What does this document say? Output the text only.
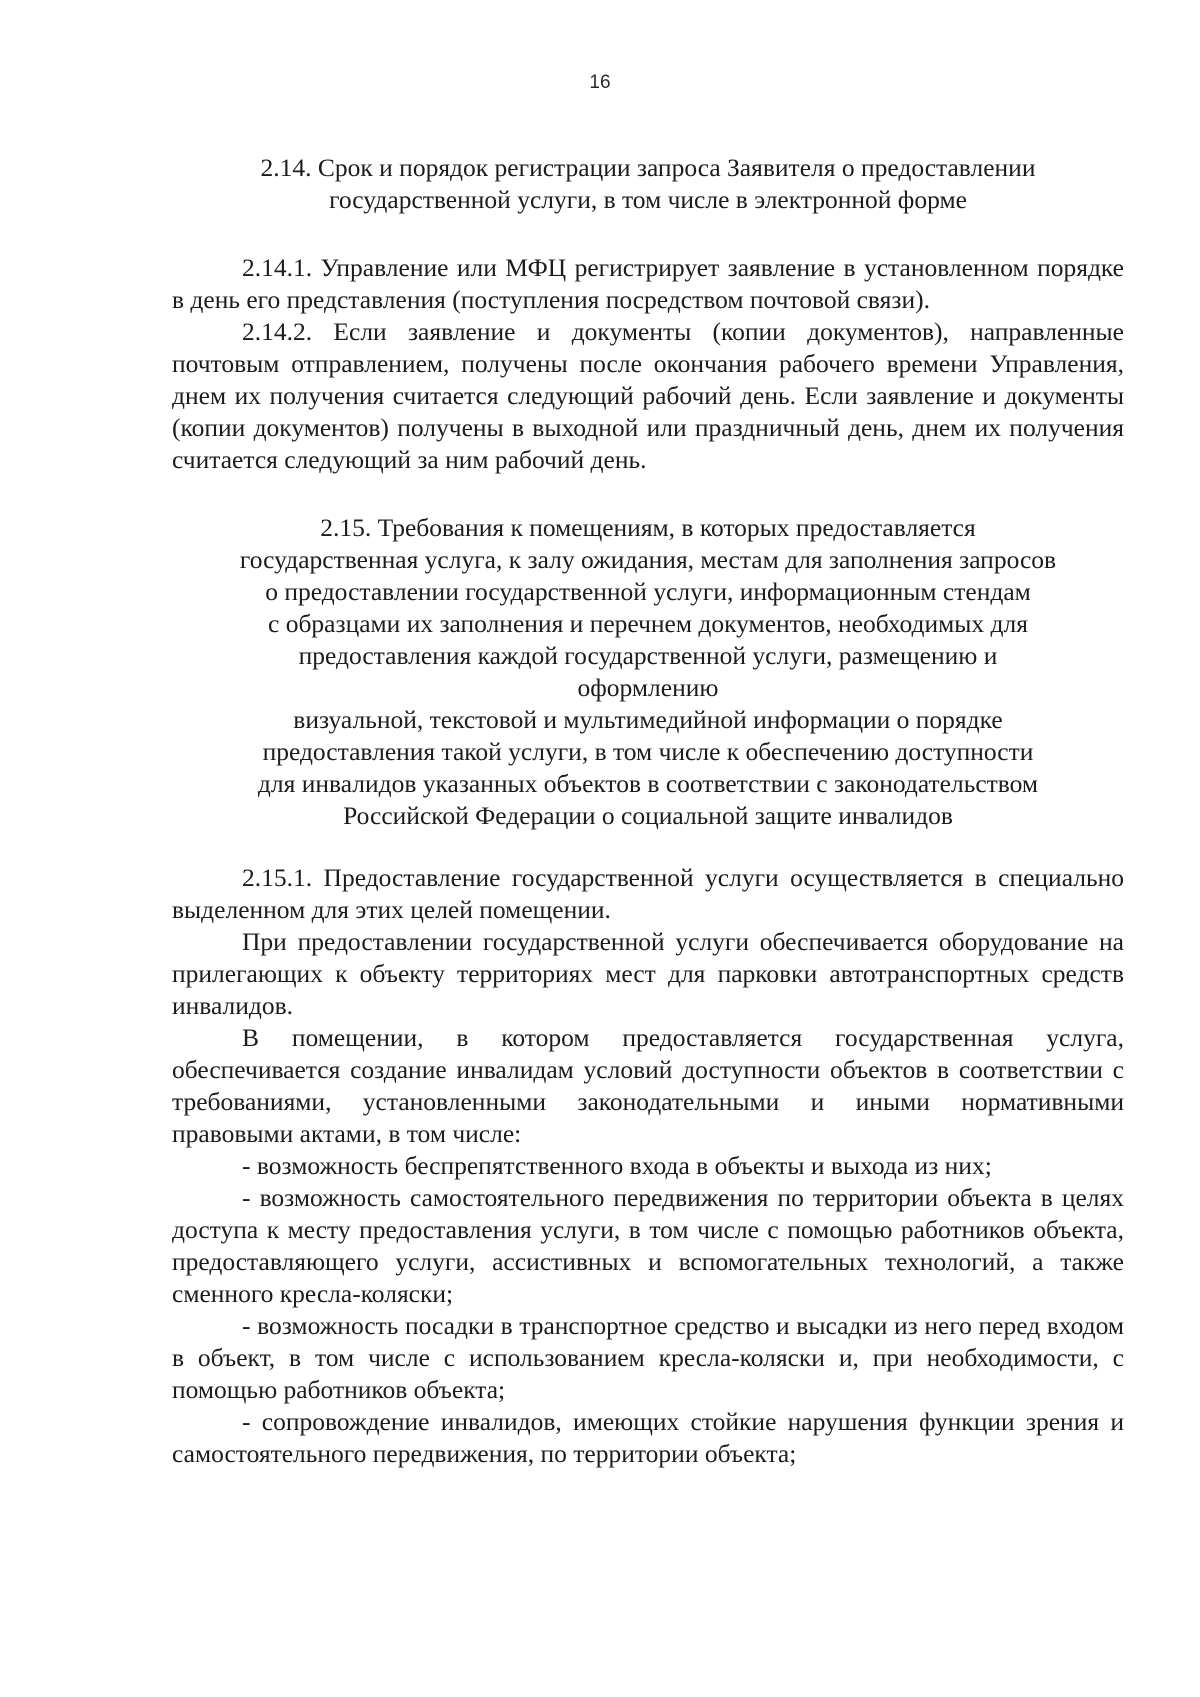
16
2.14. Срок и порядок регистрации запроса Заявителя о предоставлении
государственной услуги, в том числе в электронной форме

2.14.1. Управление или МФЦ регистрирует заявление в установленном порядке в день его представления (поступления посредством почтовой связи).

2.14.2. Если заявление и документы (копии документов), направленные почтовым отправлением, получены после окончания рабочего времени Управления, днем их получения считается следующий рабочий день. Если заявление и документы (копии документов) получены в выходной или праздничный день, днем их получения считается следующий за ним рабочий день.

2.15. Требования к помещениям, в которых предоставляется
государственная услуга, к залу ожидания, местам для заполнения запросов
о предоставлении государственной услуги, информационным стендам
с образцами их заполнения и перечнем документов, необходимых для
предоставления каждой государственной услуги, размещению и
оформлению
визуальной, текстовой и мультимедийной информации о порядке
предоставления такой услуги, в том числе к обеспечению доступности
для инвалидов указанных объектов в соответствии с законодательством
Российской Федерации о социальной защите инвалидов

2.15.1. Предоставление государственной услуги осуществляется в специально выделенном для этих целей помещении.

При предоставлении государственной услуги обеспечивается оборудование на прилегающих к объекту территориях мест для парковки автотранспортных средств инвалидов.

В помещении, в котором предоставляется государственная услуга, обеспечивается создание инвалидам условий доступности объектов в соответствии с требованиями, установленными законодательными и иными нормативными правовыми актами, в том числе:

- возможность беспрепятственного входа в объекты и выхода из них;

- возможность самостоятельного передвижения по территории объекта в целях доступа к месту предоставления услуги, в том числе с помощью работников объекта, предоставляющего услуги, ассистивных и вспомогательных технологий, а также сменного кресла-коляски;

- возможность посадки в транспортное средство и высадки из него перед входом в объект, в том числе с использованием кресла-коляски и, при необходимости, с помощью работников объекта;

- сопровождение инвалидов, имеющих стойкие нарушения функции зрения и самостоятельного передвижения, по территории объекта;
